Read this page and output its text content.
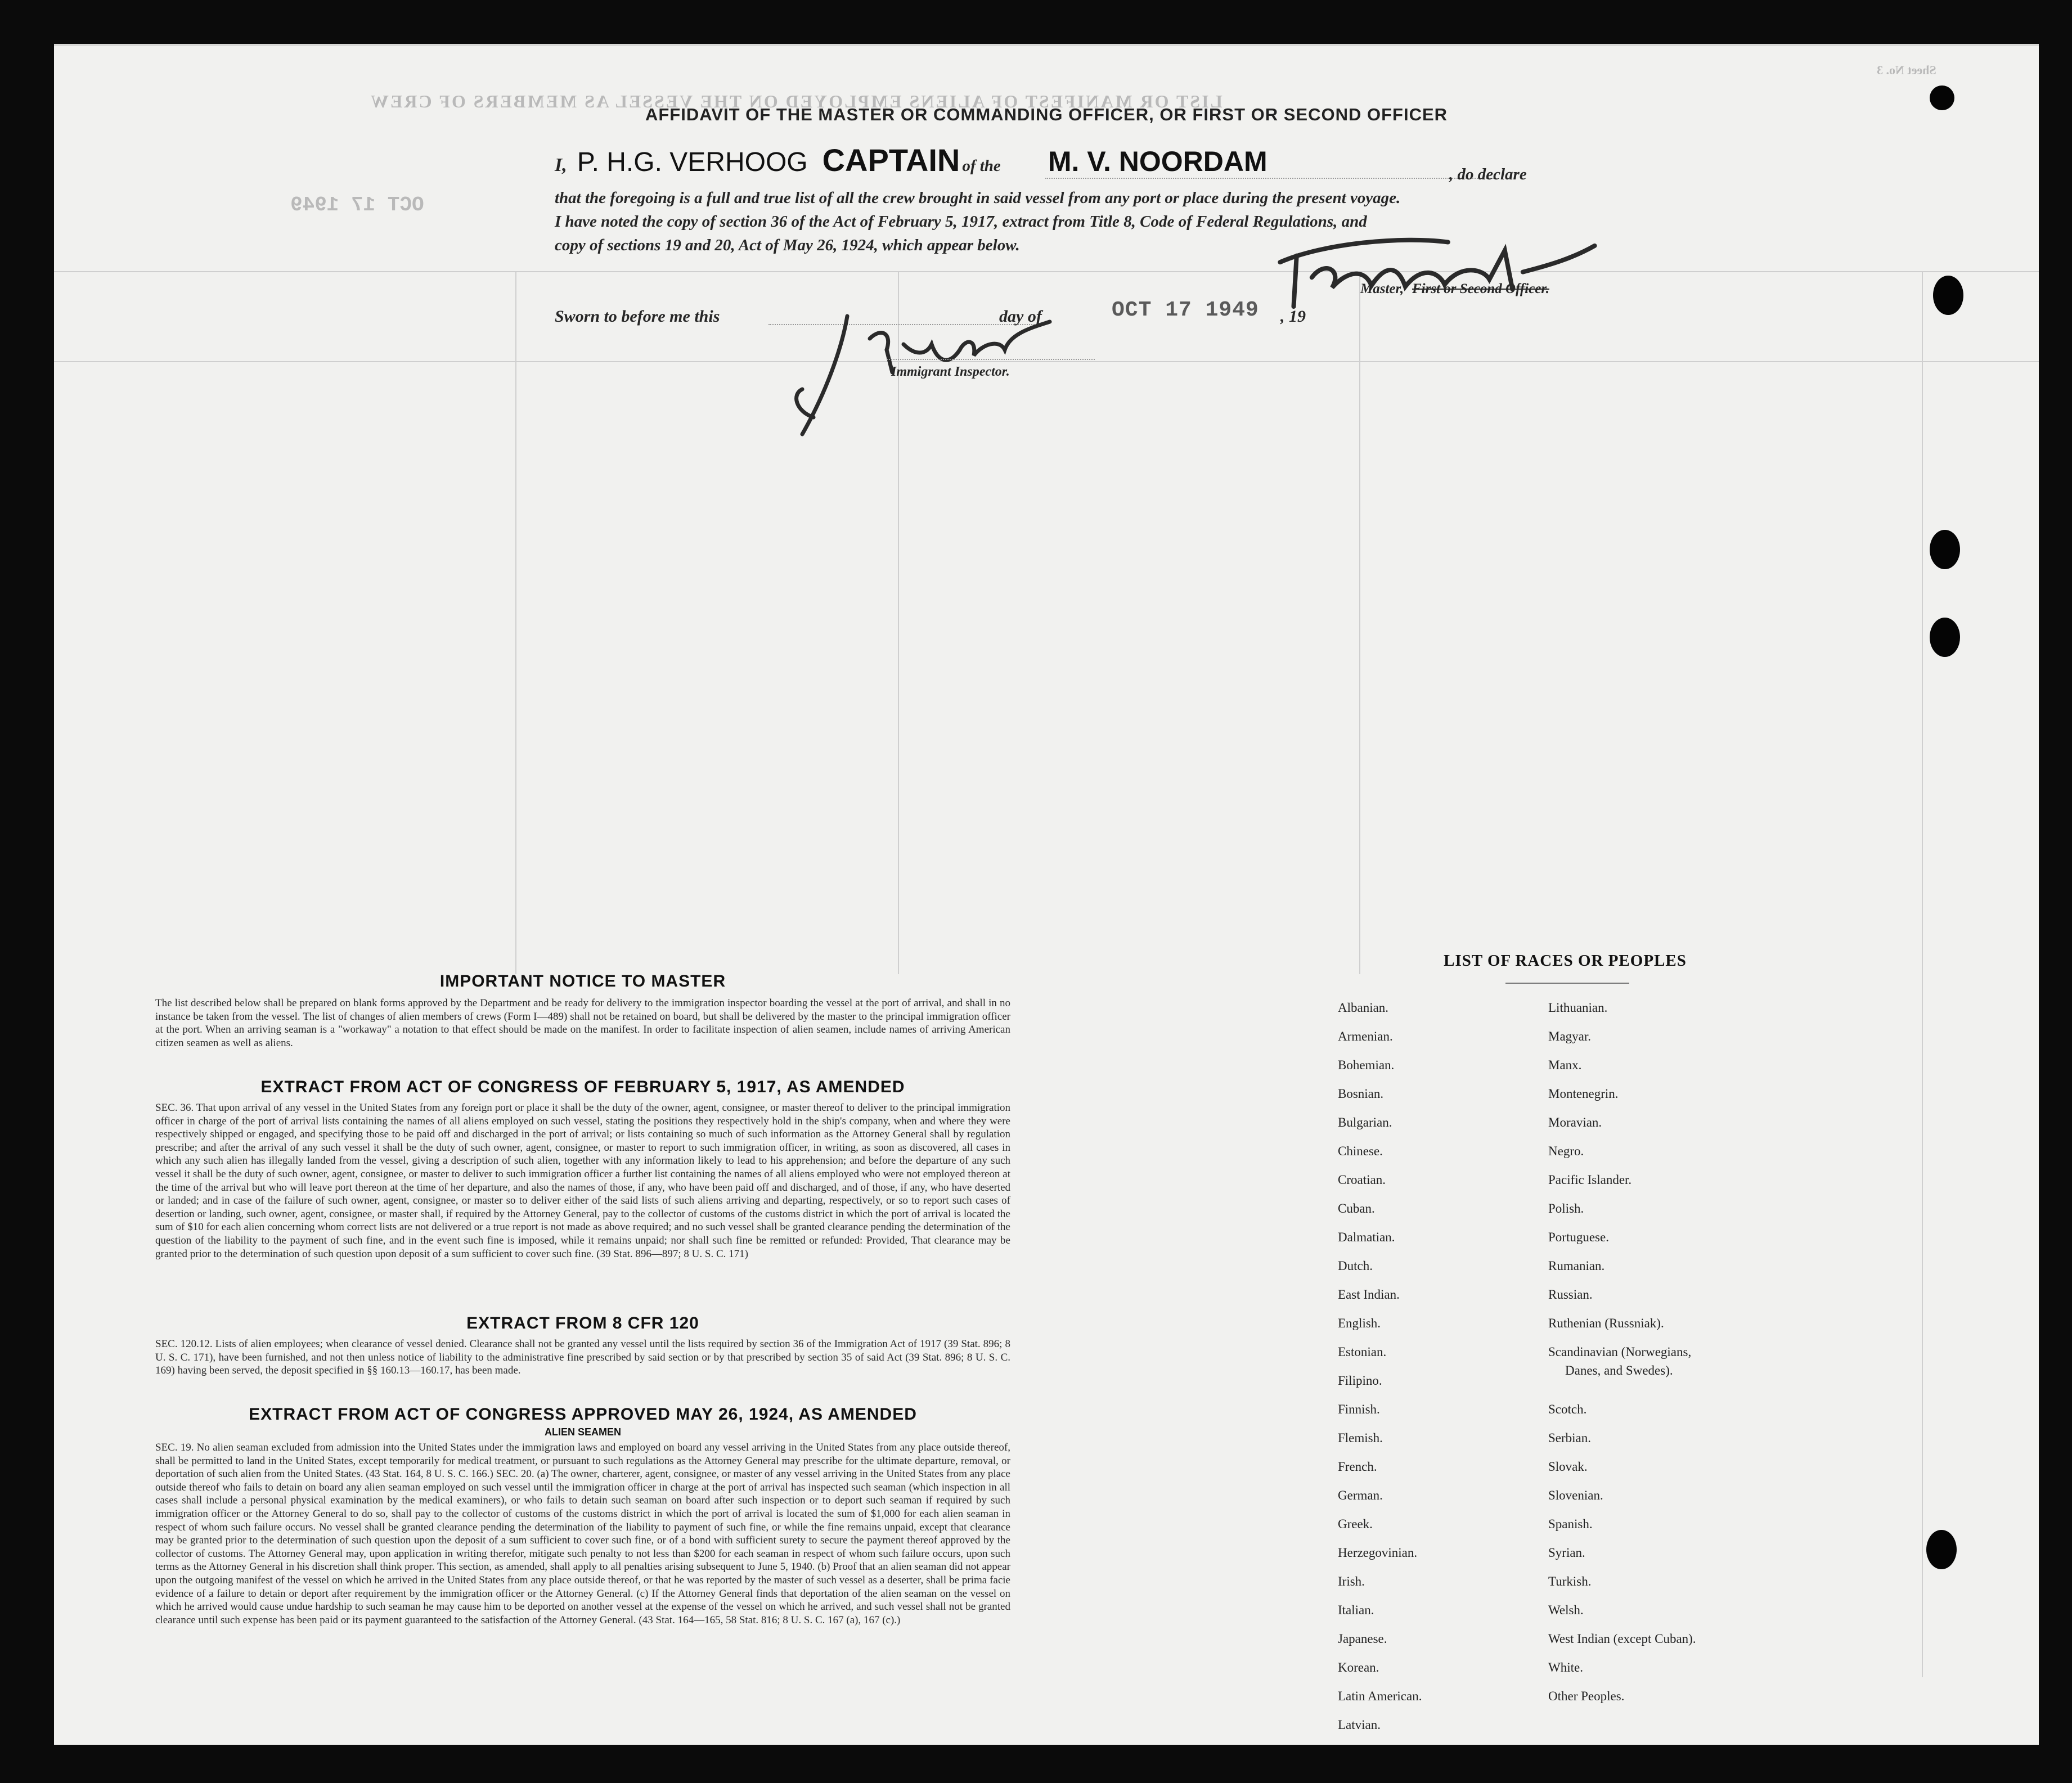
LIST OR MANIFEST OF ALIENS EMPLOYED ON THE VESSEL AS MEMBERS OF CREW
Sheet No. 3
OCT 17 1949
AFFIDAVIT OF THE MASTER OR COMMANDING OFFICER, OR FIRST OR SECOND OFFICER
I, P. H.G. VERHOOG CAPTAIN of the M. V. NOORDAM	, do declare
that the foregoing is a full and true list of all the crew brought in said vessel from any port or place during the present voyage.
I have noted the copy of section 36 of the Act of February 5, 1917, extract from Title 8, Code of Federal Regulations, and
copy of sections 19 and 20, Act of May 26, 1924, which appear below.
Master, First or Second Officer.
Sworn to before me this	day of	OCT 17 1949 , 19
Immigrant Inspector.
IMPORTANT NOTICE TO MASTER
The list described below shall be prepared on blank forms approved by the Department and be ready for delivery to the immigration inspector boarding the vessel at the port of arrival, and shall in no instance be taken from the vessel. The list of changes of alien members of crews (Form I—489) shall not be retained on board, but shall be delivered by the master to the principal immigration officer at the port. When an arriving seaman is a "workaway" a notation to that effect should be made on the manifest. In order to facilitate inspection of alien seamen, include names of arriving American citizen seamen as well as aliens.
EXTRACT FROM ACT OF CONGRESS OF FEBRUARY 5, 1917, AS AMENDED
SEC. 36. That upon arrival of any vessel in the United States from any foreign port or place it shall be the duty of the owner, agent, consignee, or master thereof to deliver to the principal immigration officer in charge of the port of arrival lists containing the names of all aliens employed on such vessel, stating the positions they respectively hold in the ship's company, when and where they were respectively shipped or engaged, and specifying those to be paid off and discharged in the port of arrival; or lists containing so much of such information as the Attorney General shall by regulation prescribe; and after the arrival of any such vessel it shall be the duty of such owner, agent, consignee, or master to report to such immigration officer, in writing, as soon as discovered, all cases in which any such alien has illegally landed from the vessel, giving a description of such alien, together with any information likely to lead to his apprehension; and before the departure of any such vessel it shall be the duty of such owner, agent, consignee, or master to deliver to such immigration officer a further list containing the names of all aliens employed who were not employed thereon at the time of the arrival but who will leave port thereon at the time of her departure, and also the names of those, if any, who have been paid off and discharged, and of those, if any, who have deserted or landed; and in case of the failure of such owner, agent, consignee, or master so to deliver either of the said lists of such aliens arriving and departing, respectively, or so to report such cases of desertion or landing, such owner, agent, consignee, or master shall, if required by the Attorney General, pay to the collector of customs of the customs district in which the port of arrival is located the sum of $10 for each alien concerning whom correct lists are not delivered or a true report is not made as above required; and no such vessel shall be granted clearance pending the determination of the question of the liability to the payment of such fine, and in the event such fine is imposed, while it remains unpaid; nor shall such fine be remitted or refunded: Provided, That clearance may be granted prior to the determination of such question upon deposit of a sum sufficient to cover such fine. (39 Stat. 896—897; 8 U. S. C. 171)
EXTRACT FROM 8 CFR 120
SEC. 120.12. Lists of alien employees; when clearance of vessel denied. Clearance shall not be granted any vessel until the lists required by section 36 of the Immigration Act of 1917 (39 Stat. 896; 8 U. S. C. 171), have been furnished, and not then unless notice of liability to the administrative fine prescribed by said section or by that prescribed by section 35 of said Act (39 Stat. 896; 8 U. S. C. 169) having been served, the deposit specified in §§ 160.13—160.17, has been made.
EXTRACT FROM ACT OF CONGRESS APPROVED MAY 26, 1924, AS AMENDED
ALIEN SEAMEN
SEC. 19. No alien seaman excluded from admission into the United States under the immigration laws and employed on board any vessel arriving in the United States from any place outside thereof, shall be permitted to land in the United States, except temporarily for medical treatment, or pursuant to such regulations as the Attorney General may prescribe for the ultimate departure, removal, or deportation of such alien from the United States. (43 Stat. 164, 8 U. S. C. 166.) SEC. 20. (a) The owner, charterer, agent, consignee, or master of any vessel arriving in the United States from any place outside thereof who fails to detain on board any alien seaman employed on such vessel until the immigration officer in charge at the port of arrival has inspected such seaman (which inspection in all cases shall include a personal physical examination by the medical examiners), or who fails to detain such seaman on board after such inspection or to deport such seaman if required by such immigration officer or the Attorney General to do so, shall pay to the collector of customs of the customs district in which the port of arrival is located the sum of $1,000 for each alien seaman in respect of whom such failure occurs. No vessel shall be granted clearance pending the determination of the liability to payment of such fine, or while the fine remains unpaid, except that clearance may be granted prior to the determination of such question upon the deposit of a sum sufficient to cover such fine, or of a bond with sufficient surety to secure the payment thereof approved by the collector of customs. The Attorney General may, upon application in writing therefor, mitigate such penalty to not less than $200 for each seaman in respect of whom such failure occurs, upon such terms as the Attorney General in his discretion shall think proper. This section, as amended, shall apply to all penalties arising subsequent to June 5, 1940. (b) Proof that an alien seaman did not appear upon the outgoing manifest of the vessel on which he arrived in the United States from any place outside thereof, or that he was reported by the master of such vessel as a deserter, shall be prima facie evidence of a failure to detain or deport after requirement by the immigration officer or the Attorney General. (c) If the Attorney General finds that deportation of the alien seaman on the vessel on which he arrived would cause undue hardship to such seaman he may cause him to be deported on another vessel at the expense of the vessel on which he arrived, and such vessel shall not be granted clearance until such expense has been paid or its payment guaranteed to the satisfaction of the Attorney General. (43 Stat. 164—165, 58 Stat. 816; 8 U. S. C. 167 (a), 167 (c).)
LIST OF RACES OR PEOPLES
Albanian.
Armenian.
Bohemian.
Bosnian.
Bulgarian.
Chinese.
Croatian.
Cuban.
Dalmatian.
Dutch.
East Indian.
English.
Estonian.
Filipino.
Finnish.
Flemish.
French.
German.
Greek.
Herzegovinian.
Irish.
Italian.
Japanese.
Korean.
Latin American.
Latvian.
Lithuanian.
Magyar.
Manx.
Montenegrin.
Moravian.
Negro.
Pacific Islander.
Polish.
Portuguese.
Rumanian.
Russian.
Ruthenian (Russniak).
Scandinavian (Norwegians,
Danes, and Swedes).
Scotch.
Serbian.
Slovak.
Slovenian.
Spanish.
Syrian.
Turkish.
Welsh.
West Indian (except Cuban).
White.
Other Peoples.
